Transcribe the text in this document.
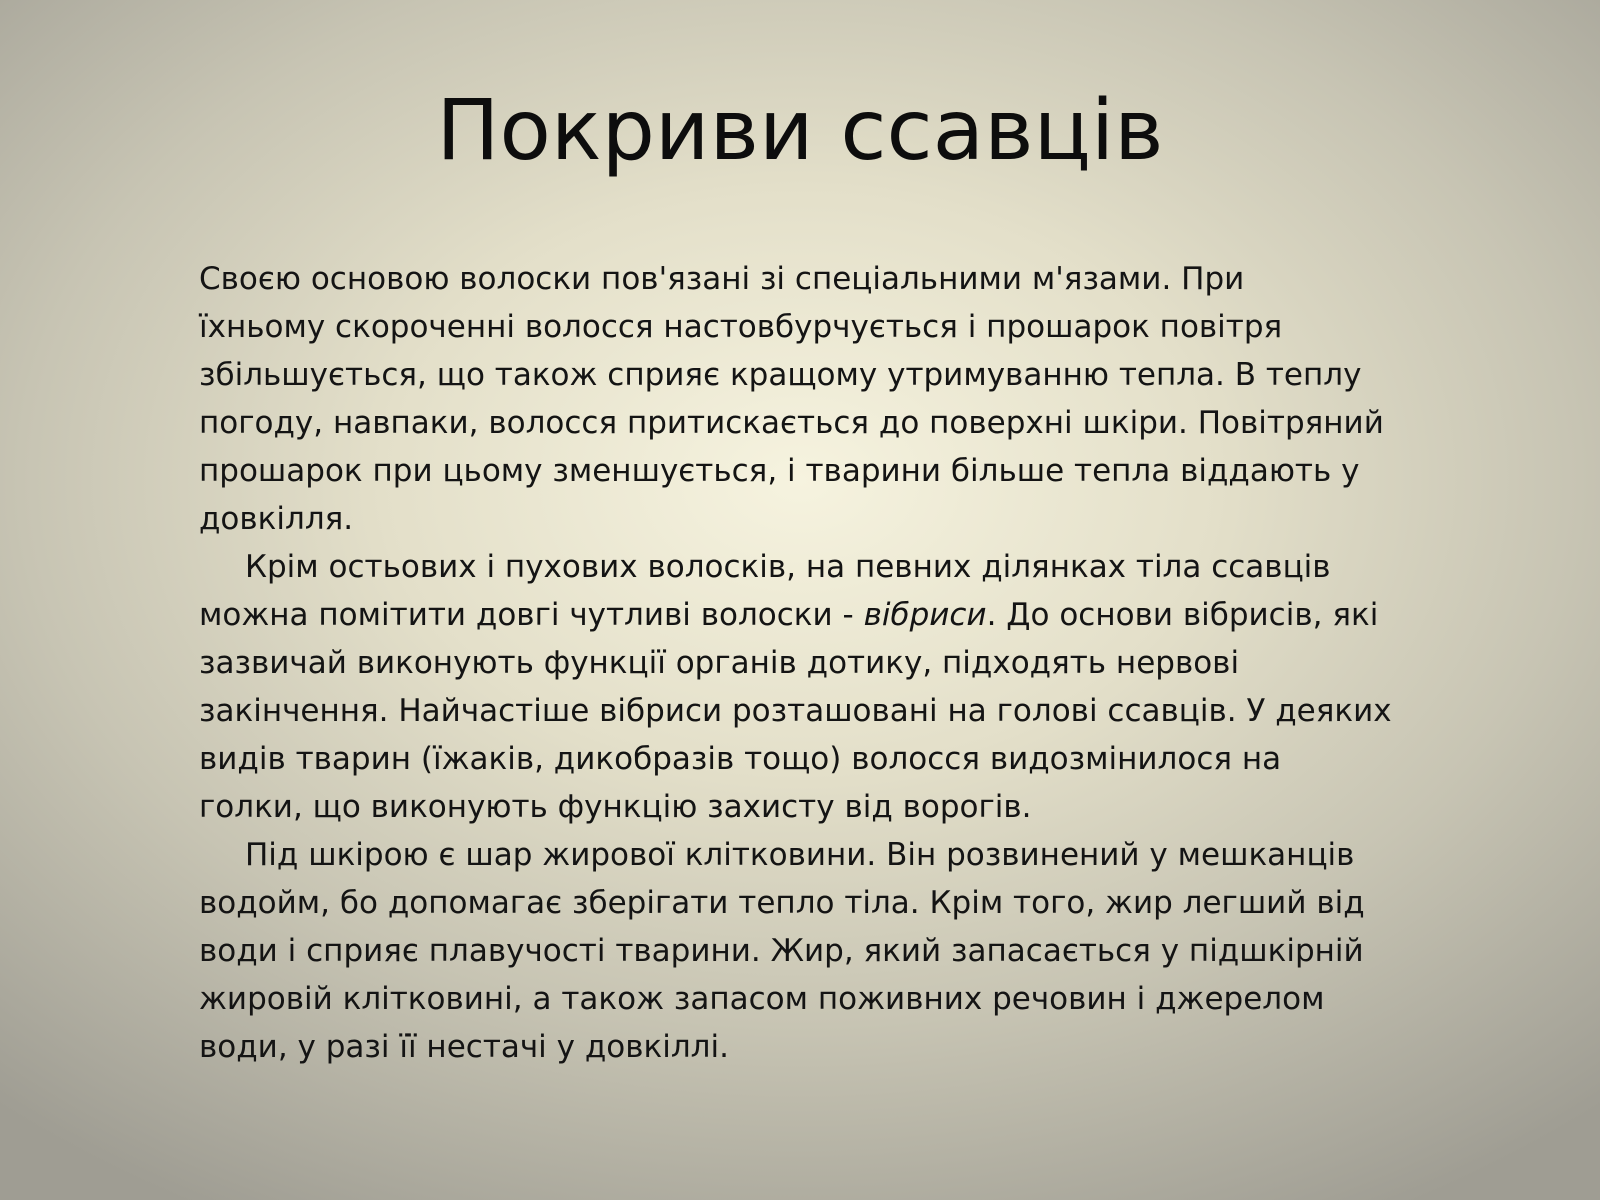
Покриви ссавців

Своєю основою волоски пов'язані зі спеціальними м'язами. При
їхньому скороченні волосся настовбурчується і прошарок повітря
збільшується, що також сприяє кращому утримуванню тепла. В теплу
погоду, навпаки, волосся притискається до поверхні шкіри. Повітряний
прошарок при цьому зменшується, і тварини більше тепла віддають у
довкілля.

Крім остьових і пухових волосків, на певних ділянках тіла ссавців
можна помітити довгі чутливі волоски - вібриси. До основи вібрисів, які
зазвичай виконують функції органів дотику, підходять нервові
закінчення. Найчастіше вібриси розташовані на голові ссавців. У деяких
видів тварин (їжаків, дикобразів тощо) волосся видозмінилося на
голки, що виконують функцію захисту від ворогів.

Під шкірою є шар жирової клітковини. Він розвинений у мешканців
водойм, бо допомагає зберігати тепло тіла. Крім того, жир легший від
води і сприяє плавучості тварини. Жир, який запасається у підшкірній
жировій клітковині, а також запасом поживних речовин і джерелом
води, у разі її нестачі у довкіллі.
